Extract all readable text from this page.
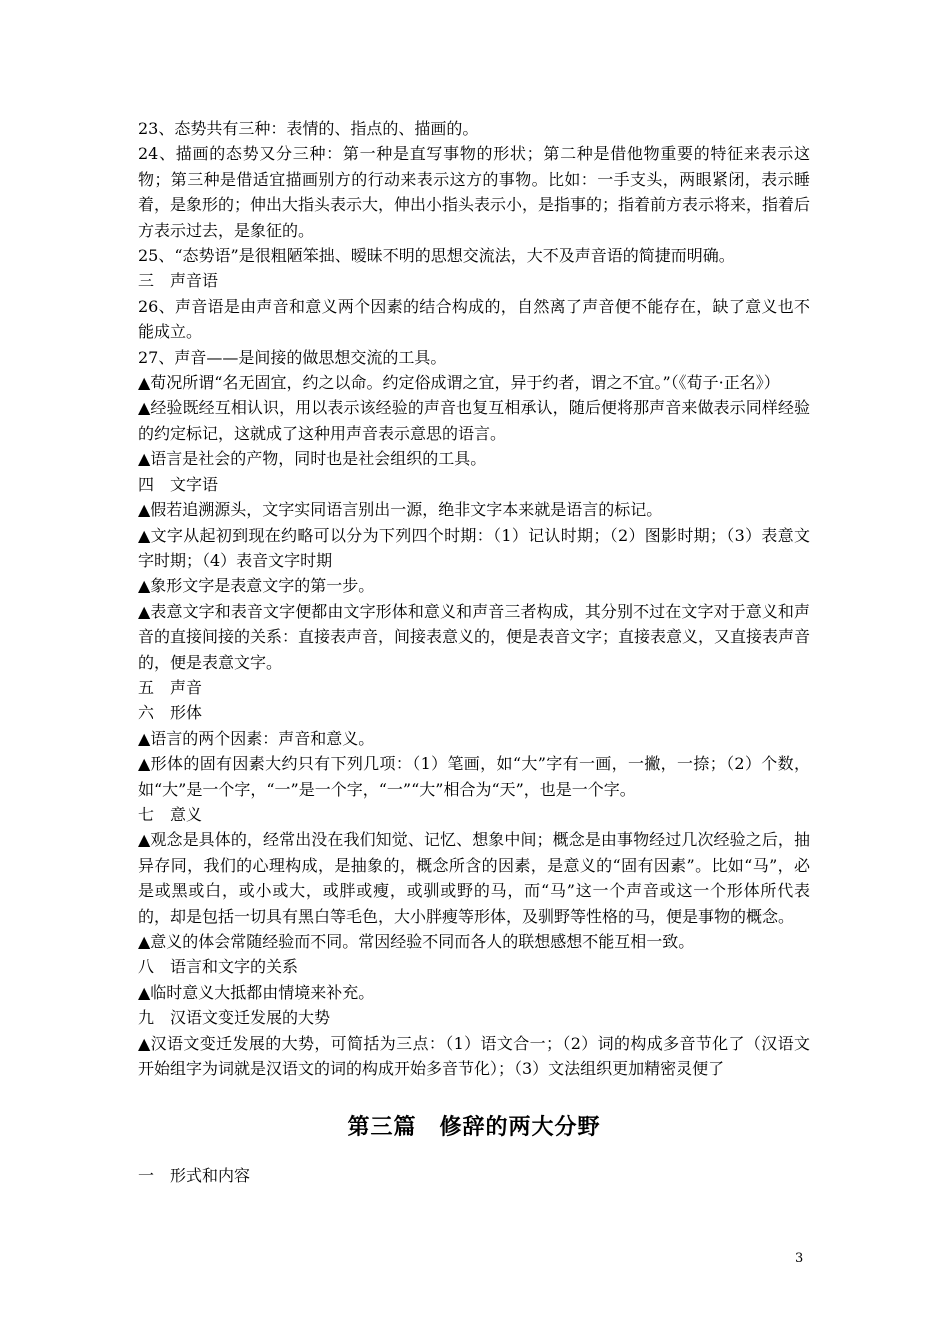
23、态势共有三种：表情的、指点的、描画的。

24、描画的态势又分三种：第一种是直写事物的形状；第二种是借他物重要的特征来表示这物；第三种是借适宜描画别方的行动来表示这方的事物。比如：一手支头，两眼紧闭，表示睡着，是象形的；伸出大指头表示大，伸出小指头表示小，是指事的；指着前方表示将来，指着后方表示过去，是象征的。

25、“态势语”是很粗陋笨拙、暧昧不明的思想交流法，大不及声音语的简捷而明确。

三　声音语

26、声音语是由声音和意义两个因素的结合构成的，自然离了声音便不能存在，缺了意义也不能成立。

27、声音——是间接的做思想交流的工具。

▲荀况所谓“名无固宜，约之以命。约定俗成谓之宜，异于约者，谓之不宜。”（《荀子·正名》）

▲经验既经互相认识，用以表示该经验的声音也复互相承认，随后便将那声音来做表示同样经验的约定标记，这就成了这种用声音表示意思的语言。

▲语言是社会的产物，同时也是社会组织的工具。

四　文字语

▲假若追溯源头，文字实同语言别出一源，绝非文字本来就是语言的标记。

▲文字从起初到现在约略可以分为下列四个时期：（1）记认时期；（2）图影时期；（3）表意文字时期；（4）表音文字时期

▲象形文字是表意文字的第一步。

▲表意文字和表音文字便都由文字形体和意义和声音三者构成，其分别不过在文字对于意义和声音的直接间接的关系：直接表声音，间接表意义的，便是表音文字；直接表意义，又直接表声音的，便是表意文字。

五　声音

六　形体

▲语言的两个因素：声音和意义。

▲形体的固有因素大约只有下列几项：（1）笔画，如“大”字有一画，一撇，一捺；（2）个数，如“大”是一个字，“一”是一个字，“一”“大”相合为“天”，也是一个字。

七　意义

▲观念是具体的，经常出没在我们知觉、记忆、想象中间；概念是由事物经过几次经验之后，抽异存同，我们的心理构成，是抽象的，概念所含的因素，是意义的“固有因素”。比如“马”，必是或黑或白，或小或大，或胖或瘦，或驯或野的马，而“马”这一个声音或这一个形体所代表的，却是包括一切具有黑白等毛色，大小胖瘦等形体，及驯野等性格的马，便是事物的概念。

▲意义的体会常随经验而不同。常因经验不同而各人的联想感想不能互相一致。

八　语言和文字的关系

▲临时意义大抵都由情境来补充。

九　汉语文变迁发展的大势

▲汉语文变迁发展的大势，可简括为三点：（1）语文合一；（2）词的构成多音节化了（汉语文开始组字为词就是汉语文的词的构成开始多音节化）；（3）文法组织更加精密灵便了

第三篇　修辞的两大分野

一　形式和内容

3
